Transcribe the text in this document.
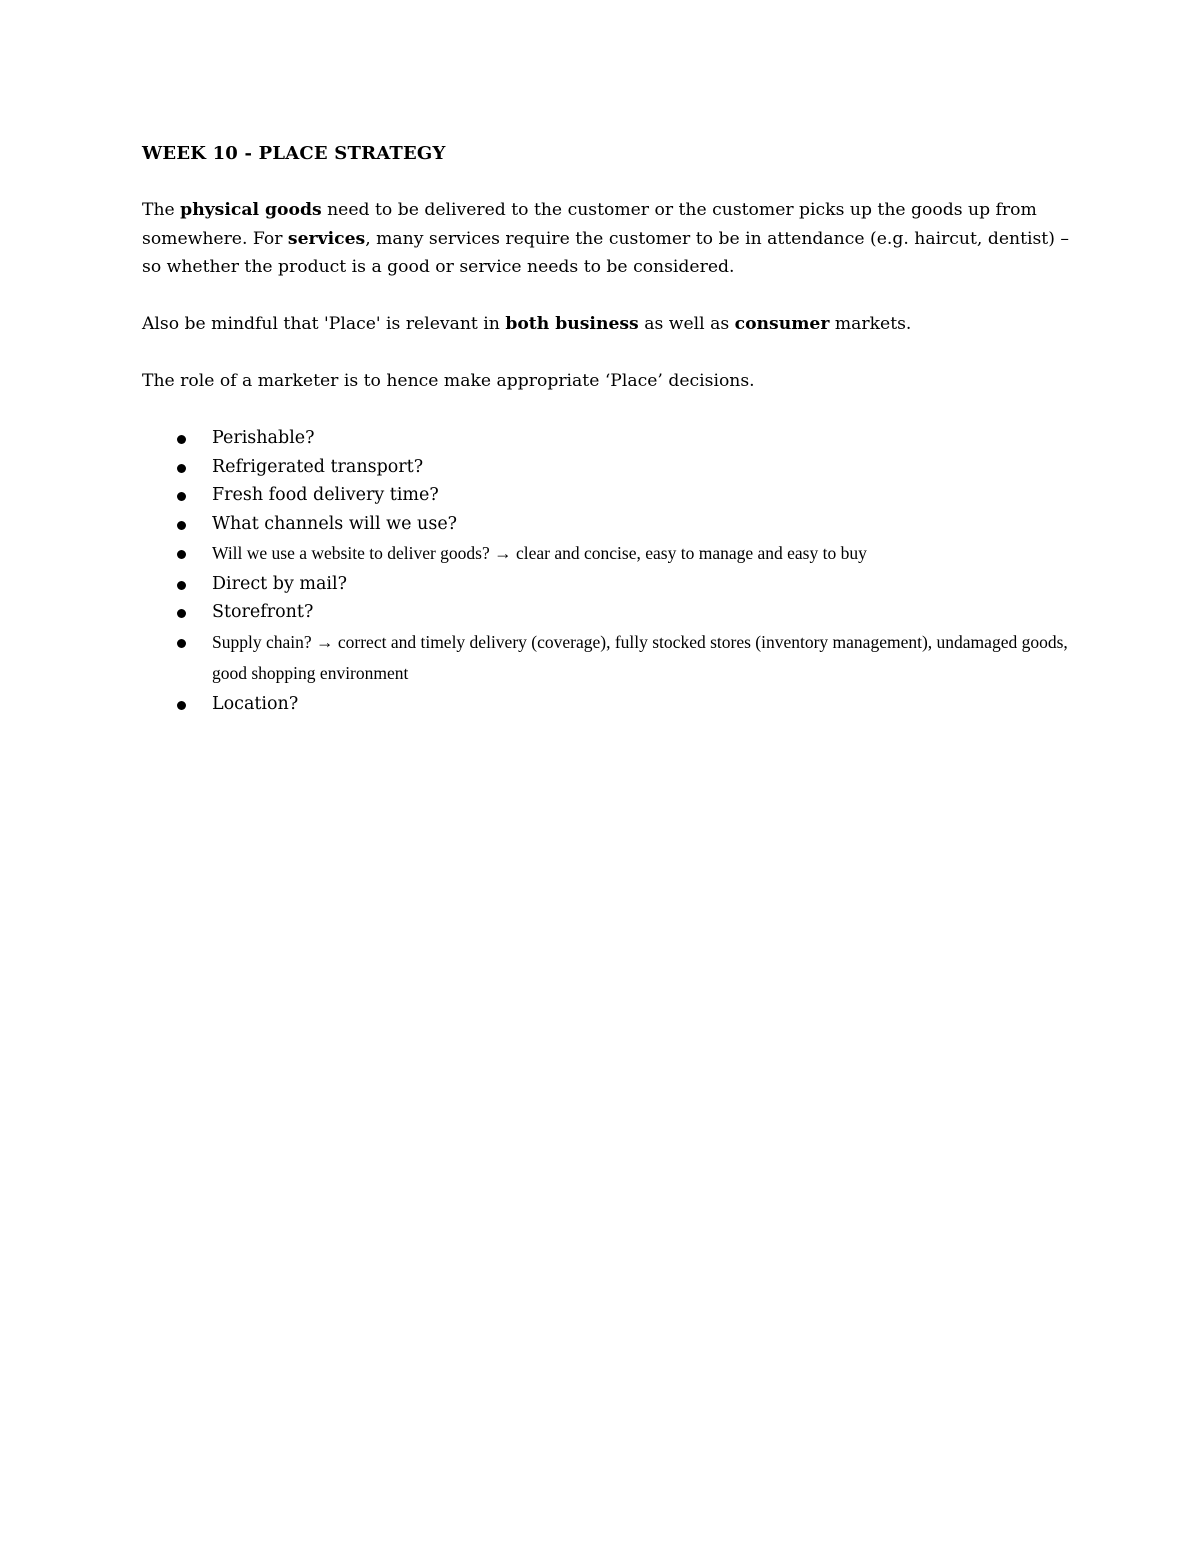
WEEK 10 - PLACE STRATEGY

The physical goods need to be delivered to the customer or the customer picks up the goods up from somewhere. For services, many services require the customer to be in attendance (e.g. haircut, dentist) – so whether the product is a good or service needs to be considered.

Also be mindful that 'Place' is relevant in both business as well as consumer markets.

The role of a marketer is to hence make appropriate ‘Place’ decisions.

Perishable?
Refrigerated transport?
Fresh food delivery time?
What channels will we use?
Will we use a website to deliver goods? → clear and concise, easy to manage and easy to buy
Direct by mail?
Storefront?
Supply chain? → correct and timely delivery (coverage), fully stocked stores (inventory management), undamaged goods, good shopping environment
Location?
